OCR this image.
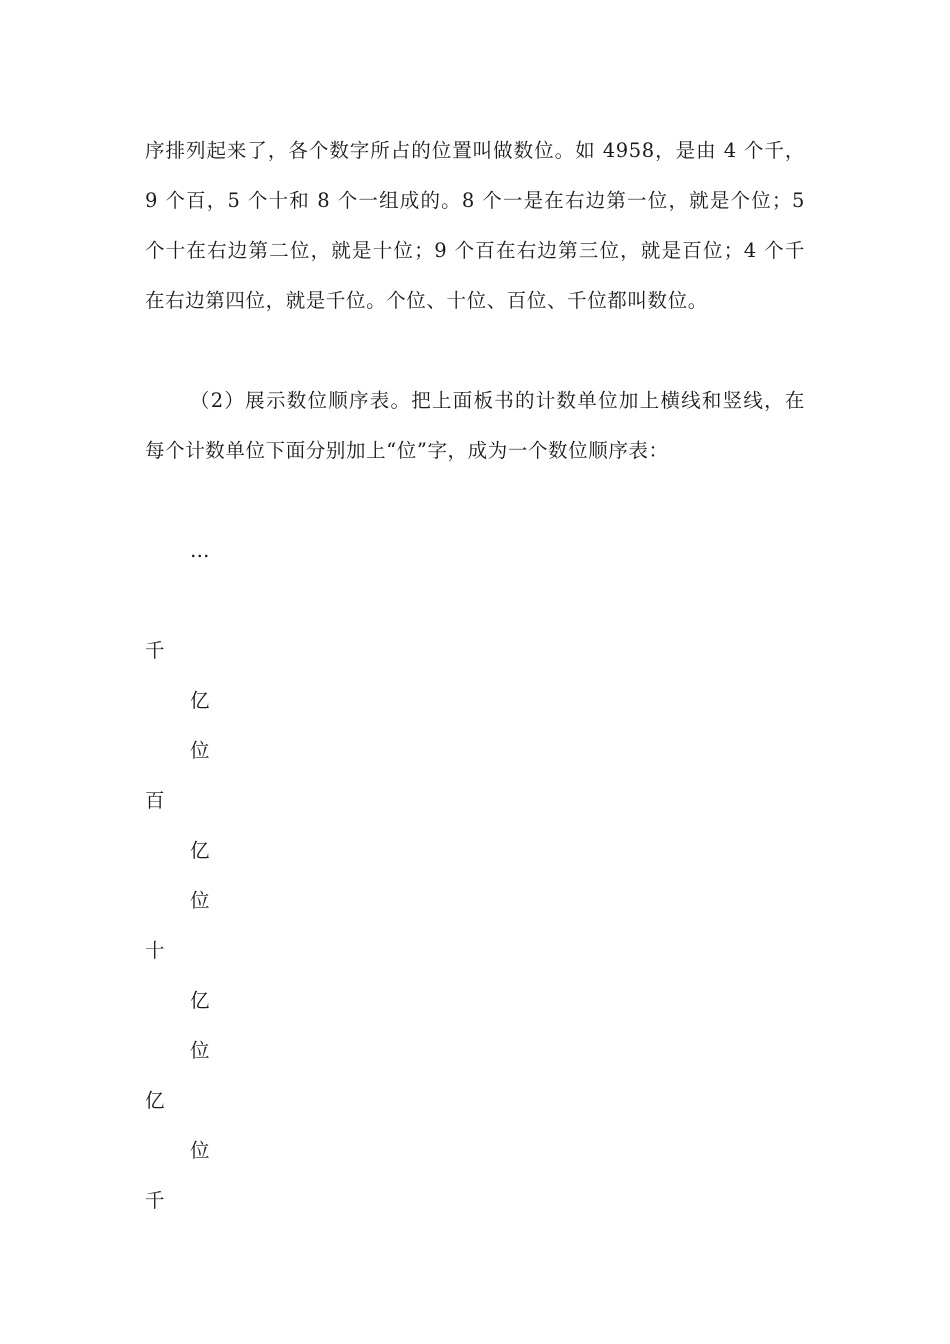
序排列起来了，各个数字所占的位置叫做数位。如 4958，是由 4 个千，9 个百，5 个十和 8 个一组成的。8 个一是在右边第一位，就是个位；5 个十在右边第二位，就是十位；9 个百在右边第三位，就是百位；4 个千在右边第四位，就是千位。个位、十位、百位、千位都叫数位。

（2）展示数位顺序表。把上面板书的计数单位加上横线和竖线，在每个计数单位下面分别加上“位”字，成为一个数位顺序表：

…
千
亿
位
百
亿
位
十
亿
位
亿
位
千
